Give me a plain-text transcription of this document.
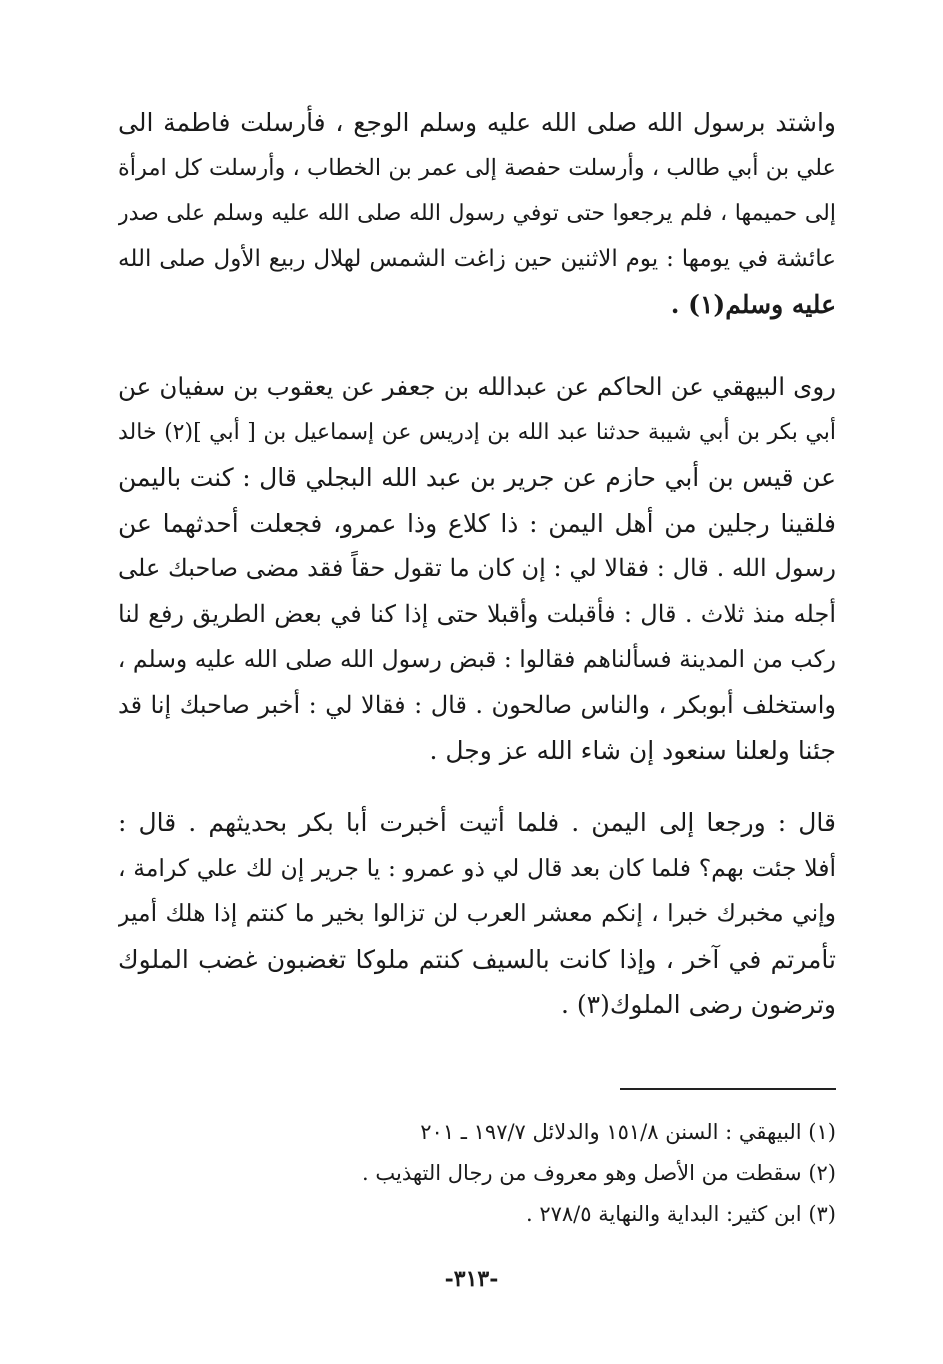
واشتد برسول الله صلى الله عليه وسلم الوجع ، فأرسلت فاطمة الى
علي بن أبي طالب ، وأرسلت حفصة إلى عمر بن الخطاب ، وأرسلت كل امرأة
إلى حميمها ، فلم يرجعوا حتى توفي رسول الله صلى الله عليه وسلم على صدر
عائشة في يومها : يوم الاثنين حين زاغت الشمس لهلال ربيع الأول صلى الله
عليه وسلم(١) .
روى البيهقي عن الحاكم عن عبدالله بن جعفر عن يعقوب بن سفيان عن
أبي بكر بن أبي شيبة حدثنا عبد الله بن إدريس عن إسماعيل بن [ أبي ](٢) خالد
عن قيس بن أبي حازم عن جرير بن عبد الله البجلي قال : كنت باليمن
فلقينا رجلين من أهل اليمن : ذا كلاع وذا عمرو، فجعلت أحدثهما عن
رسول الله . قال : فقالا لي : إن كان ما تقول حقاً فقد مضى صاحبك على
أجله منذ ثلاث . قال : فأقبلت وأقبلا حتى إذا كنا في بعض الطريق رفع لنا
ركب من المدينة فسألناهم فقالوا : قبض رسول الله صلى الله عليه وسلم ،
واستخلف أبوبكر ، والناس صالحون . قال : فقالا لي : أخبر صاحبك إنا قد
جئنا ولعلنا سنعود إن شاء الله عز وجل .
قال : ورجعا إلى اليمن . فلما أتيت أخبرت أبا بكر بحديثهم . قال :
أفلا جئت بهم؟ فلما كان بعد قال لي ذو عمرو : يا جرير إن لك علي كرامة ،
وإني مخبرك خبرا ، إنكم معشر العرب لن تزالوا بخير ما كنتم إذا هلك أمير
تأمرتم في آخر ، وإذا كانت بالسيف كنتم ملوكا تغضبون غضب الملوك
وترضون رضى الملوك(٣) .
(١) البيهقي : السنن ١٥١/٨ والدلائل ١٩٧/٧ ـ ٢٠١
(٢) سقطت من الأصل وهو معروف من رجال التهذيب .
(٣) ابن كثير: البداية والنهاية ٢٧٨/٥ .
-٣١٣-
